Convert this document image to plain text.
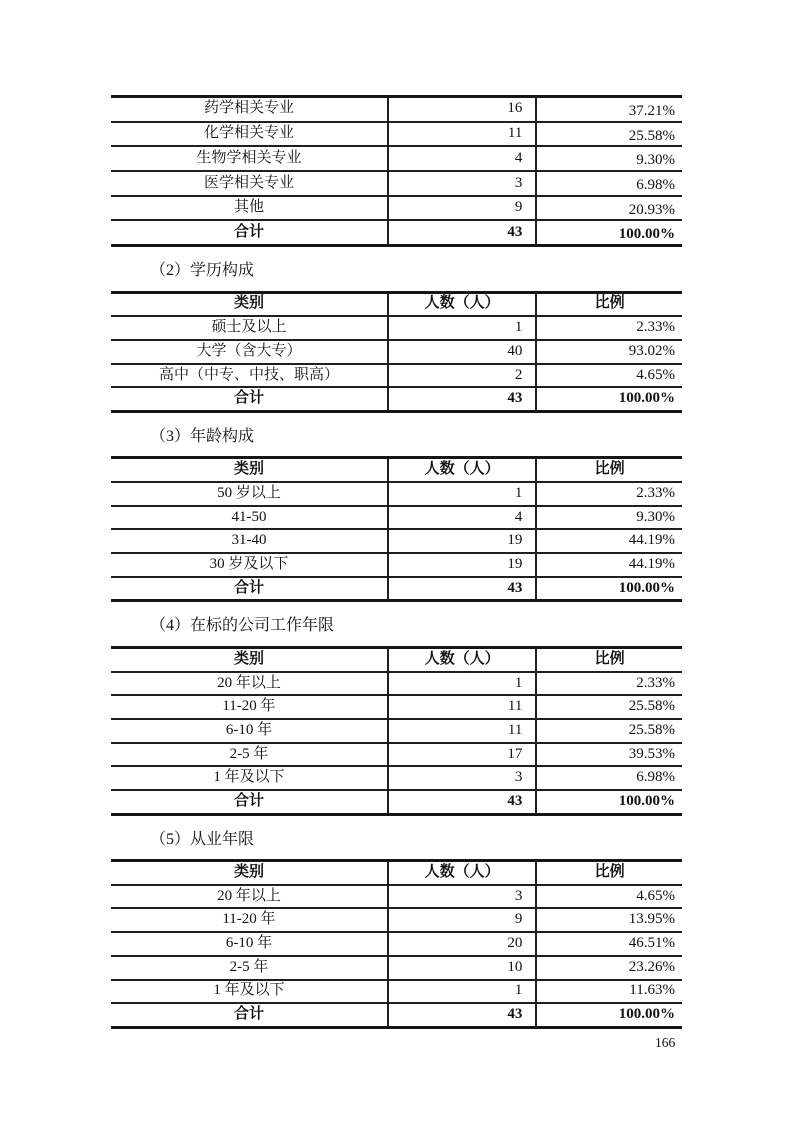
药学相关专业	16	37.21%
化学相关专业	11	25.58%
生物学相关专业	4	9.30%
医学相关专业	3	6.98%
其他	9	20.93%
合计	43	100.00%
（2）学历构成
类别	人数（人）	比例
硕士及以上	1	2.33%
大学（含大专）	40	93.02%
高中（中专、中技、职高）	2	4.65%
合计	43	100.00%
（3）年龄构成
类别	人数（人）	比例
50 岁以上	1	2.33%
41-50	4	9.30%
31-40	19	44.19%
30 岁及以下	19	44.19%
合计	43	100.00%
（4）在标的公司工作年限
类别	人数（人）	比例
20 年以上	1	2.33%
11-20 年	11	25.58%
6-10 年	11	25.58%
2-5 年	17	39.53%
1 年及以下	3	6.98%
合计	43	100.00%
（5）从业年限
类别	人数（人）	比例
20 年以上	3	4.65%
11-20 年	9	13.95%
6-10 年	20	46.51%
2-5 年	10	23.26%
1 年及以下	1	11.63%
合计	43	100.00%
166
